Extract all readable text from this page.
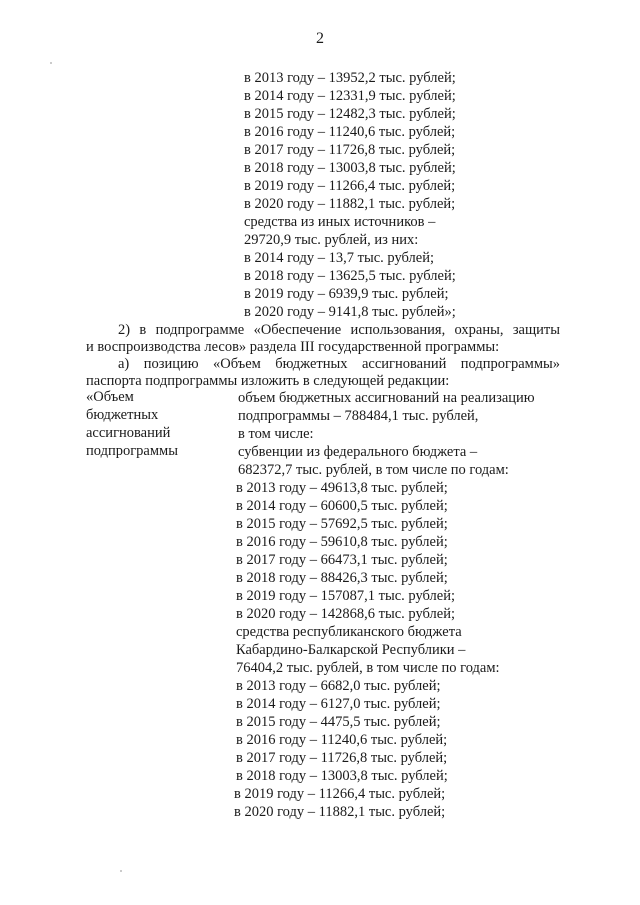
2
в 2013 году – 13952,2 тыс. рублей;
в 2014 году – 12331,9 тыс. рублей;
в 2015 году – 12482,3 тыс. рублей;
в 2016 году – 11240,6 тыс. рублей;
в 2017 году – 11726,8 тыс. рублей;
в 2018 году – 13003,8 тыс. рублей;
в 2019 году – 11266,4 тыс. рублей;
в 2020 году – 11882,1 тыс. рублей;
средства из иных источников –
29720,9 тыс. рублей, из них:
в 2014 году – 13,7 тыс. рублей;
в 2018 году – 13625,5 тыс. рублей;
в 2019 году – 6939,9 тыс. рублей;
в 2020 году – 9141,8 тыс. рублей»;
2) в подпрограмме «Обеспечение использования, охраны, защиты
и воспроизводства лесов» раздела III государственной программы:
а) позицию «Объем бюджетных ассигнований подпрограммы»
паспорта подпрограммы изложить в следующей редакции:
«Объем
бюджетных
ассигнований
подпрограммы
объем бюджетных ассигнований на реализацию
подпрограммы – 788484,1 тыс. рублей,
в том числе:
субвенции из федерального бюджета –
682372,7 тыс. рублей, в том числе по годам:
в 2013 году – 49613,8 тыс. рублей;
в 2014 году – 60600,5 тыс. рублей;
в 2015 году – 57692,5 тыс. рублей;
в 2016 году – 59610,8 тыс. рублей;
в 2017 году – 66473,1 тыс. рублей;
в 2018 году – 88426,3 тыс. рублей;
в 2019 году – 157087,1 тыс. рублей;
в 2020 году – 142868,6 тыс. рублей;
средства республиканского бюджета
Кабардино-Балкарской Республики –
76404,2 тыс. рублей, в том числе по годам:
в 2013 году – 6682,0 тыс. рублей;
в 2014 году – 6127,0 тыс. рублей;
в 2015 году – 4475,5 тыс. рублей;
в 2016 году – 11240,6 тыс. рублей;
в 2017 году – 11726,8 тыс. рублей;
в 2018 году – 13003,8 тыс. рублей;
в 2019 году – 11266,4 тыс. рублей;
в 2020 году – 11882,1 тыс. рублей;
